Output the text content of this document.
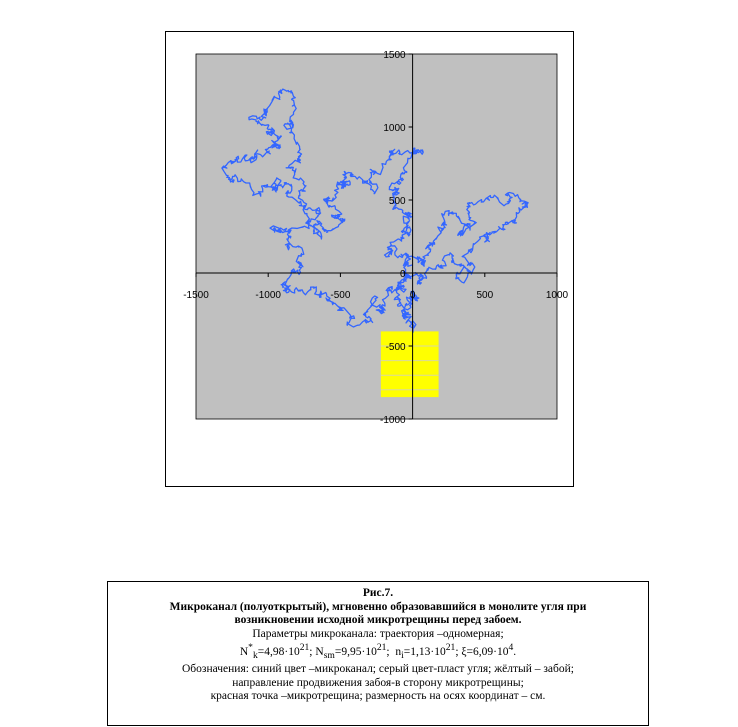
-1500	-1000	-500	0	500	1000
-1000
-500
0
500
1000
1500
Рис.7.
Микроканал (полуоткрытый), мгновенно образовавшийся в монолите угля при
возникновении исходной микротрещины перед забоем.
Параметры микроканала: траектория –одномерная;
$N^*_k=4,98\cdot 10^{21}$; $N_{sm}=9,95\cdot 10^{21}$;  $n_i=1,13\cdot 10^{21}$; $\xi=6,09\cdot 10^4$.
Обозначения: синий цвет –микроканал; серый цвет-пласт угля; жёлтый – забой;
направление продвижения забоя-в сторону микротрещины;
красная точка –микротрещина; размерность на осях координат – см.
